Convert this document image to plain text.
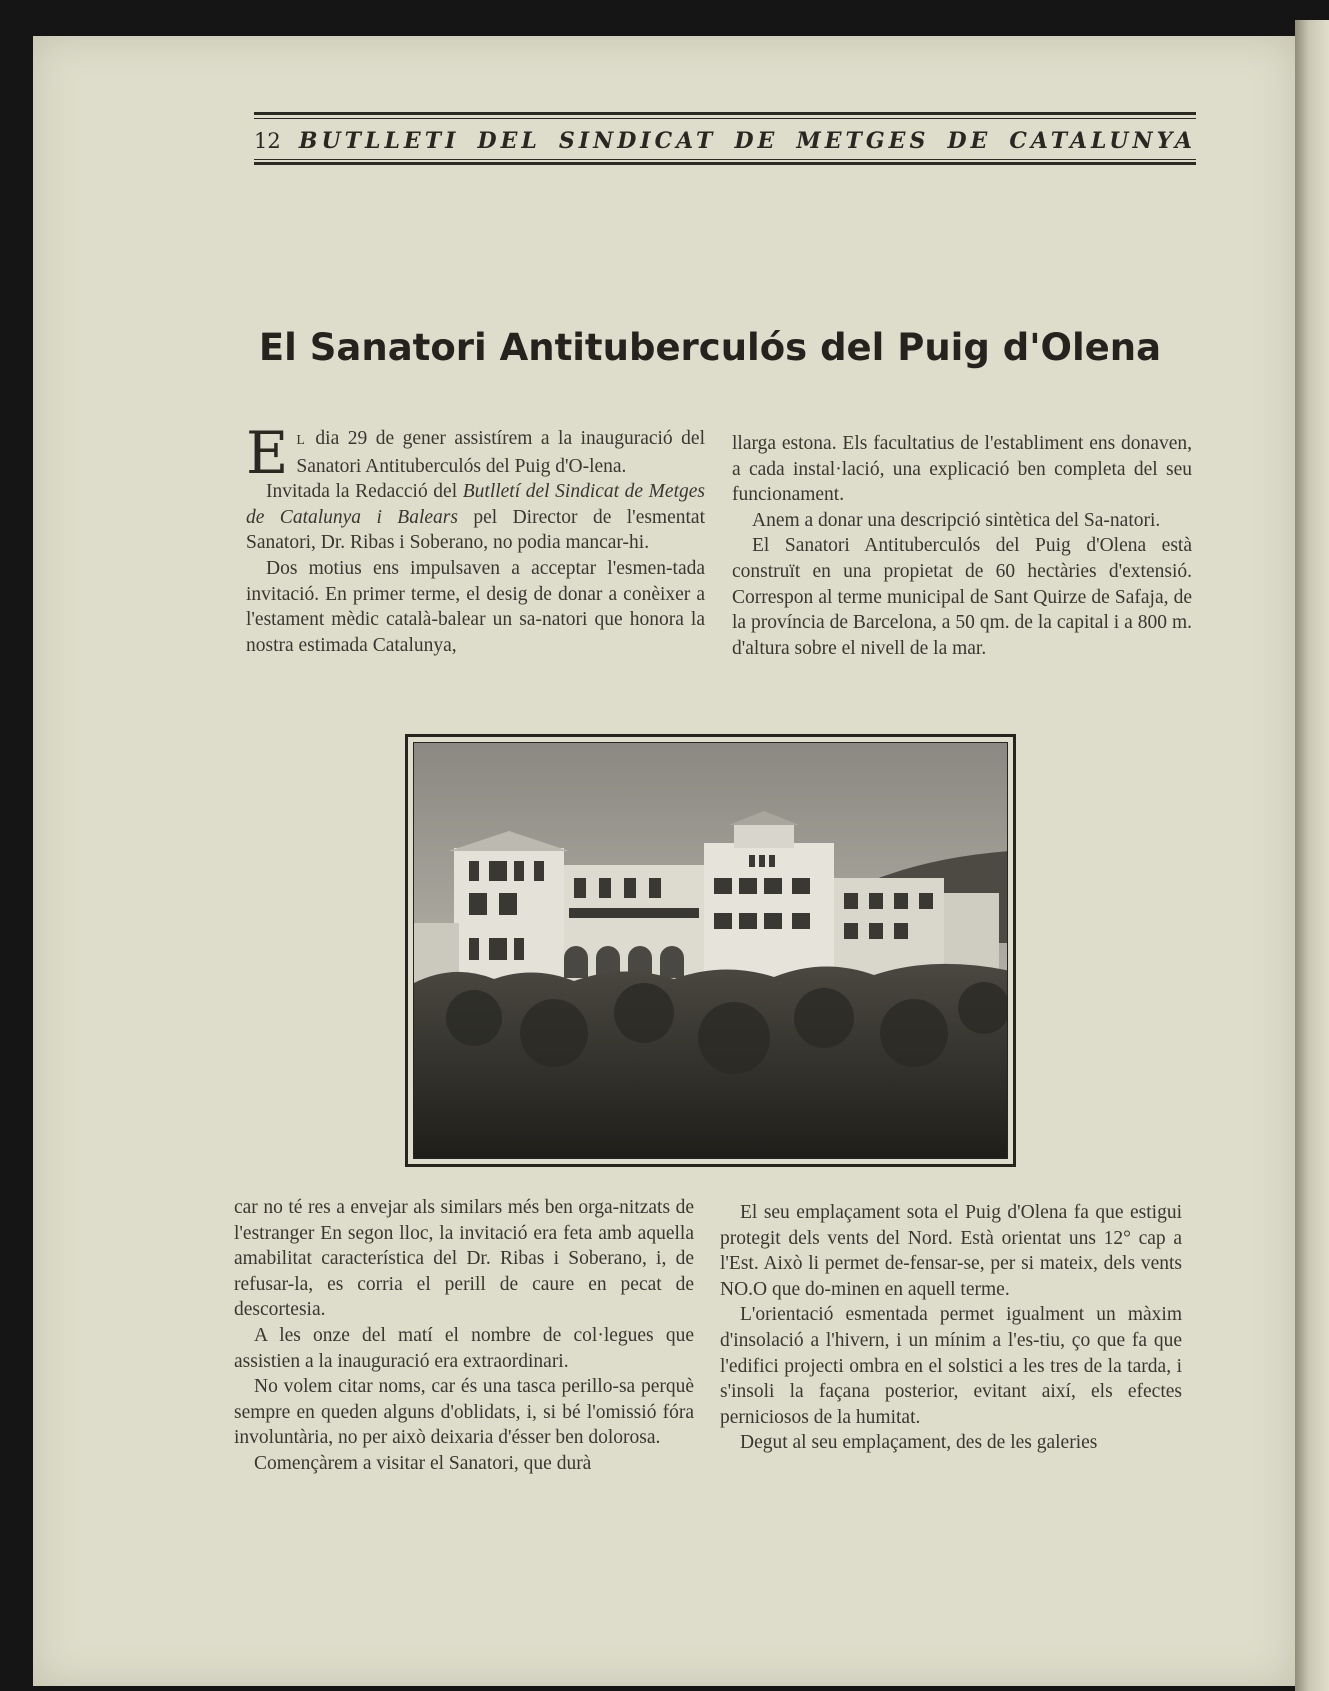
12 BUTLLETI DEL SINDICAT DE METGES DE CATALUNYA
El Sanatori Antituberculós del Puig d'Olena

E L dia 29 de gener assistírem a la inauguració del Sanatori Antituberculós del Puig d'O-lena.

Invitada la Redacció del Butlletí del Sindicat de Metges de Catalunya i Balears pel Director de l'esmentat Sanatori, Dr. Ribas i Soberano, no podia mancar-hi.

Dos motius ens impulsaven a acceptar l'esmen-tada invitació. En primer terme, el desig de donar a conèixer a l'estament mèdic català-balear un sa-natori que honora la nostra estimada Catalunya,

llarga estona. Els facultatius de l'establiment ens donaven, a cada instal·lació, una explicació ben completa del seu funcionament.

Anem a donar una descripció sintètica del Sa-natori.

El Sanatori Antituberculós del Puig d'Olena està construït en una propietat de 60 hectàries d'extensió. Correspon al terme municipal de Sant Quirze de Safaja, de la província de Barcelona, a 50 qm. de la capital i a 800 m. d'altura sobre el nivell de la mar.

car no té res a envejar als similars més ben orga-nitzats de l'estranger En segon lloc, la invitació era feta amb aquella amabilitat característica del Dr. Ribas i Soberano, i, de refusar-la, es corria el perill de caure en pecat de descortesia.

A les onze del matí el nombre de col·legues que assistien a la inauguració era extraordinari.

No volem citar noms, car és una tasca perillo-sa perquè sempre en queden alguns d'oblidats, i, si bé l'omissió fóra involuntària, no per això deixaria d'ésser ben dolorosa.

Començàrem a visitar el Sanatori, que durà

El seu emplaçament sota el Puig d'Olena fa que estigui protegit dels vents del Nord. Està orientat uns 12° cap a l'Est. Això li permet de-fensar-se, per si mateix, dels vents NO.O que do-minen en aquell terme.

L'orientació esmentada permet igualment un màxim d'insolació a l'hivern, i un mínim a l'es-tiu, ço que fa que l'edifici projecti ombra en el solstici a les tres de la tarda, i s'insoli la façana posterior, evitant així, els efectes perniciosos de la humitat.

Degut al seu emplaçament, des de les galeries
